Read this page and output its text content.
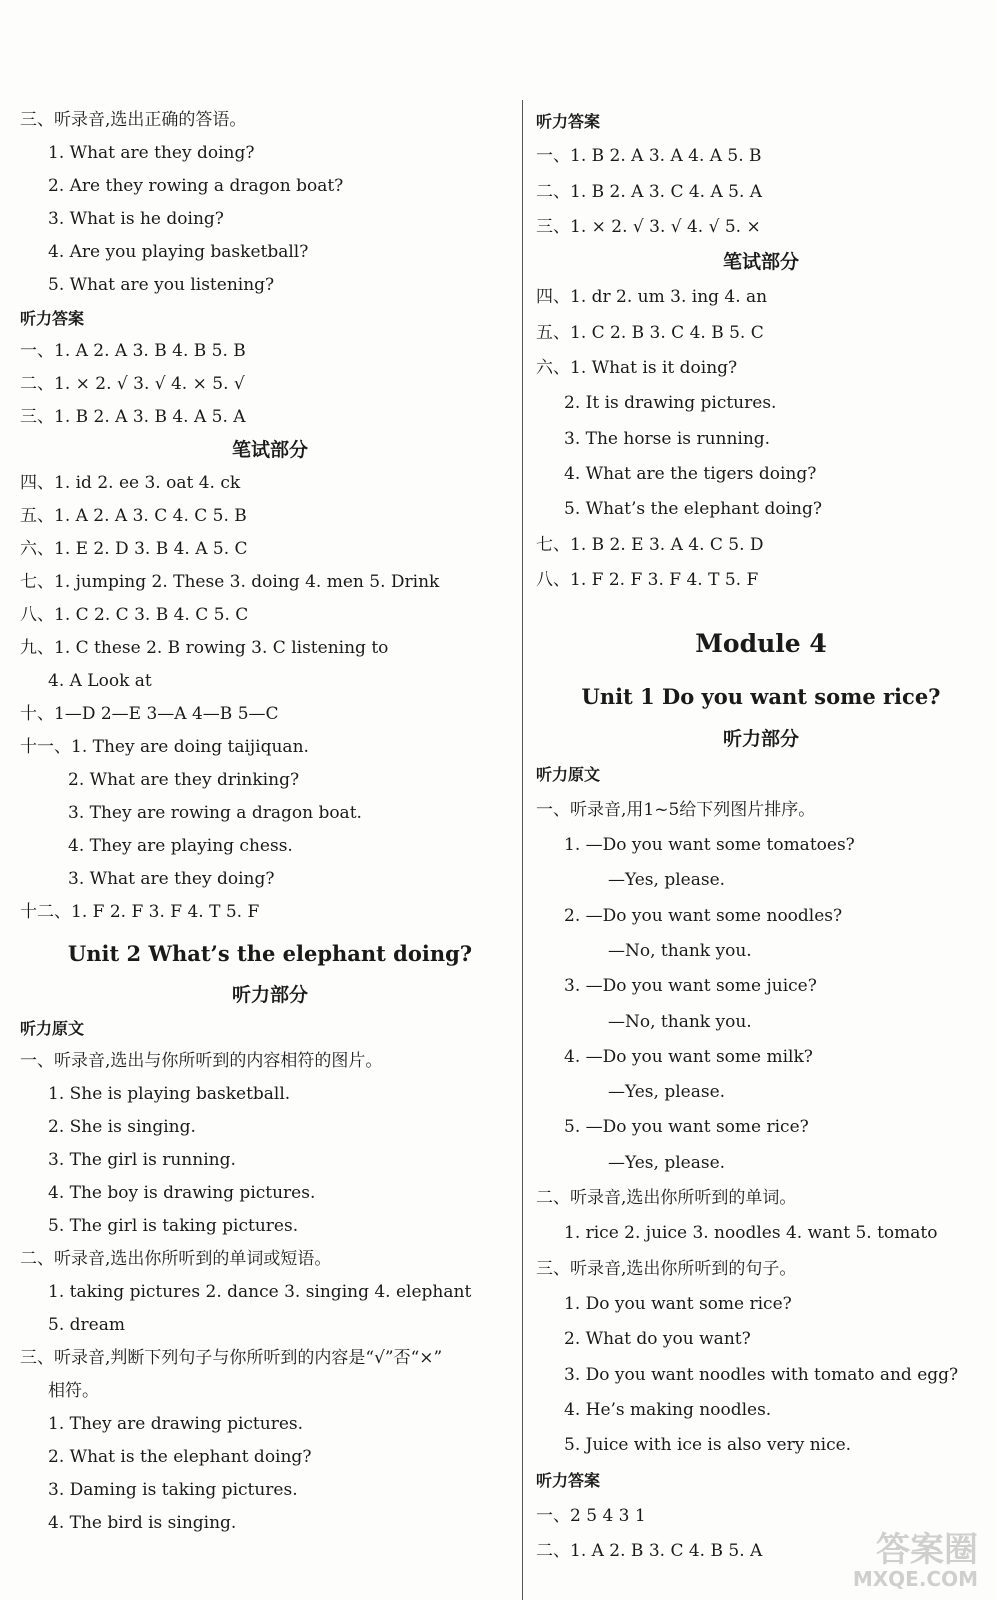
三、听录音,选出正确的答语。
1. What are they doing?
2. Are they rowing a dragon boat?
3. What is he doing?
4. Are you playing basketball?
5. What are you listening?
听力答案
一、1. A 2. A 3. B 4. B 5. B
二、1. × 2. √ 3. √ 4. × 5. √
三、1. B 2. A 3. B 4. A 5. A
笔试部分
四、1. id 2. ee 3. oat 4. ck
五、1. A 2. A 3. C 4. C 5. B
六、1. E 2. D 3. B 4. A 5. C
七、1. jumping 2. These 3. doing 4. men 5. Drink
八、1. C 2. C 3. B 4. C 5. C
九、1. C these 2. B rowing 3. C listening to
4. A Look at
十、1—D 2—E 3—A 4—B 5—C
十一、1. They are doing taijiquan.
2. What are they drinking?
3. They are rowing a dragon boat.
4. They are playing chess.
3. What are they doing?
十二、1. F 2. F 3. F 4. T 5. F
Unit 2 What’s the elephant doing?
听力部分
听力原文
一、听录音,选出与你所听到的内容相符的图片。
1. She is playing basketball.
2. She is singing.
3. The girl is running.
4. The boy is drawing pictures.
5. The girl is taking pictures.
二、听录音,选出你所听到的单词或短语。
1. taking pictures 2. dance 3. singing 4. elephant
5. dream
三、听录音,判断下列句子与你所听到的内容是“√”否“×”
相符。
1. They are drawing pictures.
2. What is the elephant doing?
3. Daming is taking pictures.
4. The bird is singing.
听力答案
一、1. B 2. A 3. A 4. A 5. B
二、1. B 2. A 3. C 4. A 5. A
三、1. × 2. √ 3. √ 4. √ 5. ×
笔试部分
四、1. dr 2. um 3. ing 4. an
五、1. C 2. B 3. C 4. B 5. C
六、1. What is it doing?
2. It is drawing pictures.
3. The horse is running.
4. What are the tigers doing?
5. What’s the elephant doing?
七、1. B 2. E 3. A 4. C 5. D
八、1. F 2. F 3. F 4. T 5. F
Module 4
Unit 1 Do you want some rice?
听力部分
听力原文
一、听录音,用1~5给下列图片排序。
1. —Do you want some tomatoes?
—Yes, please.
2. —Do you want some noodles?
—No, thank you.
3. —Do you want some juice?
—No, thank you.
4. —Do you want some milk?
—Yes, please.
5. —Do you want some rice?
—Yes, please.
二、听录音,选出你所听到的单词。
1. rice 2. juice 3. noodles 4. want 5. tomato
三、听录音,选出你所听到的句子。
1. Do you want some rice?
2. What do you want?
3. Do you want noodles with tomato and egg?
4. He’s making noodles.
5. Juice with ice is also very nice.
听力答案
一、2 5 4 3 1
二、1. A 2. B 3. C 4. B 5. A	答案圈
MXQE.COM
